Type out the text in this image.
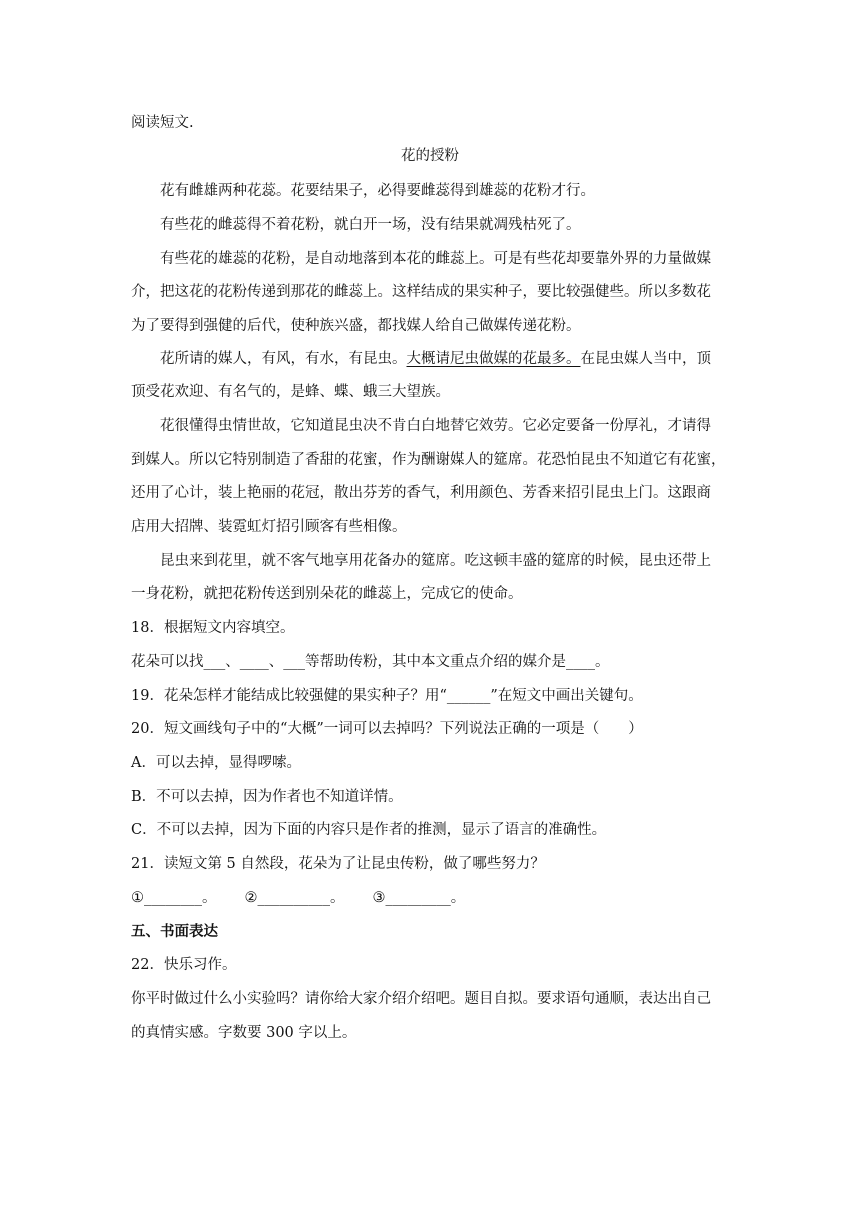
阅读短文.
花的授粉
花有雌雄两种花蕊。花要结果子，必得要雌蕊得到雄蕊的花粉才行。
有些花的雌蕊得不着花粉，就白开一场，没有结果就凋残枯死了。
有些花的雄蕊的花粉，是自动地落到本花的雌蕊上。可是有些花却要靠外界的力量做媒
介，把这花的花粉传递到那花的雌蕊上。这样结成的果实种子，要比较强健些。所以多数花
为了要得到强健的后代，使种族兴盛，都找媒人给自己做媒传递花粉。
花所请的媒人，有风，有水，有昆虫。大概请尼虫做媒的花最多。在昆虫媒人当中，顶
顶受花欢迎、有名气的，是蜂、蝶、蛾三大望族。
花很懂得虫情世故，它知道昆虫决不肯白白地替它效劳。它必定要备一份厚礼，才请得
到媒人。所以它特别制造了香甜的花蜜，作为酬谢媒人的筵席。花恐怕昆虫不知道它有花蜜，
还用了心计，装上艳丽的花冠，散出芬芳的香气，利用颜色、芳香来招引昆虫上门。这跟商
店用大招牌、装霓虹灯招引顾客有些相像。
昆虫来到花里，就不客气地享用花备办的筵席。吃这顿丰盛的筵席的时候，昆虫还带上
一身花粉，就把花粉传送到别朵花的雌蕊上，完成它的使命。
18．根据短文内容填空。
花朵可以找___、____、___等帮助传粉，其中本文重点介绍的媒介是____。
19．花朵怎样才能结成比较强健的果实种子？用“______”在短文中画出关键句。
20．短文画线句子中的“大概”一词可以去掉吗？下列说法正确的一项是（　　）
A．可以去掉，显得啰嗦。
B．不可以去掉，因为作者也不知道详情。
C．不可以去掉，因为下面的内容只是作者的推测，显示了语言的准确性。
21．读短文第 5 自然段，花朵为了让昆虫传粉，做了哪些努力？
①________。 ②__________。 ③_________。
五、书面表达
22．快乐习作。
你平时做过什么小实验吗？请你给大家介绍介绍吧。题目自拟。要求语句通顺，表达出自己
的真情实感。字数要 300 字以上。
